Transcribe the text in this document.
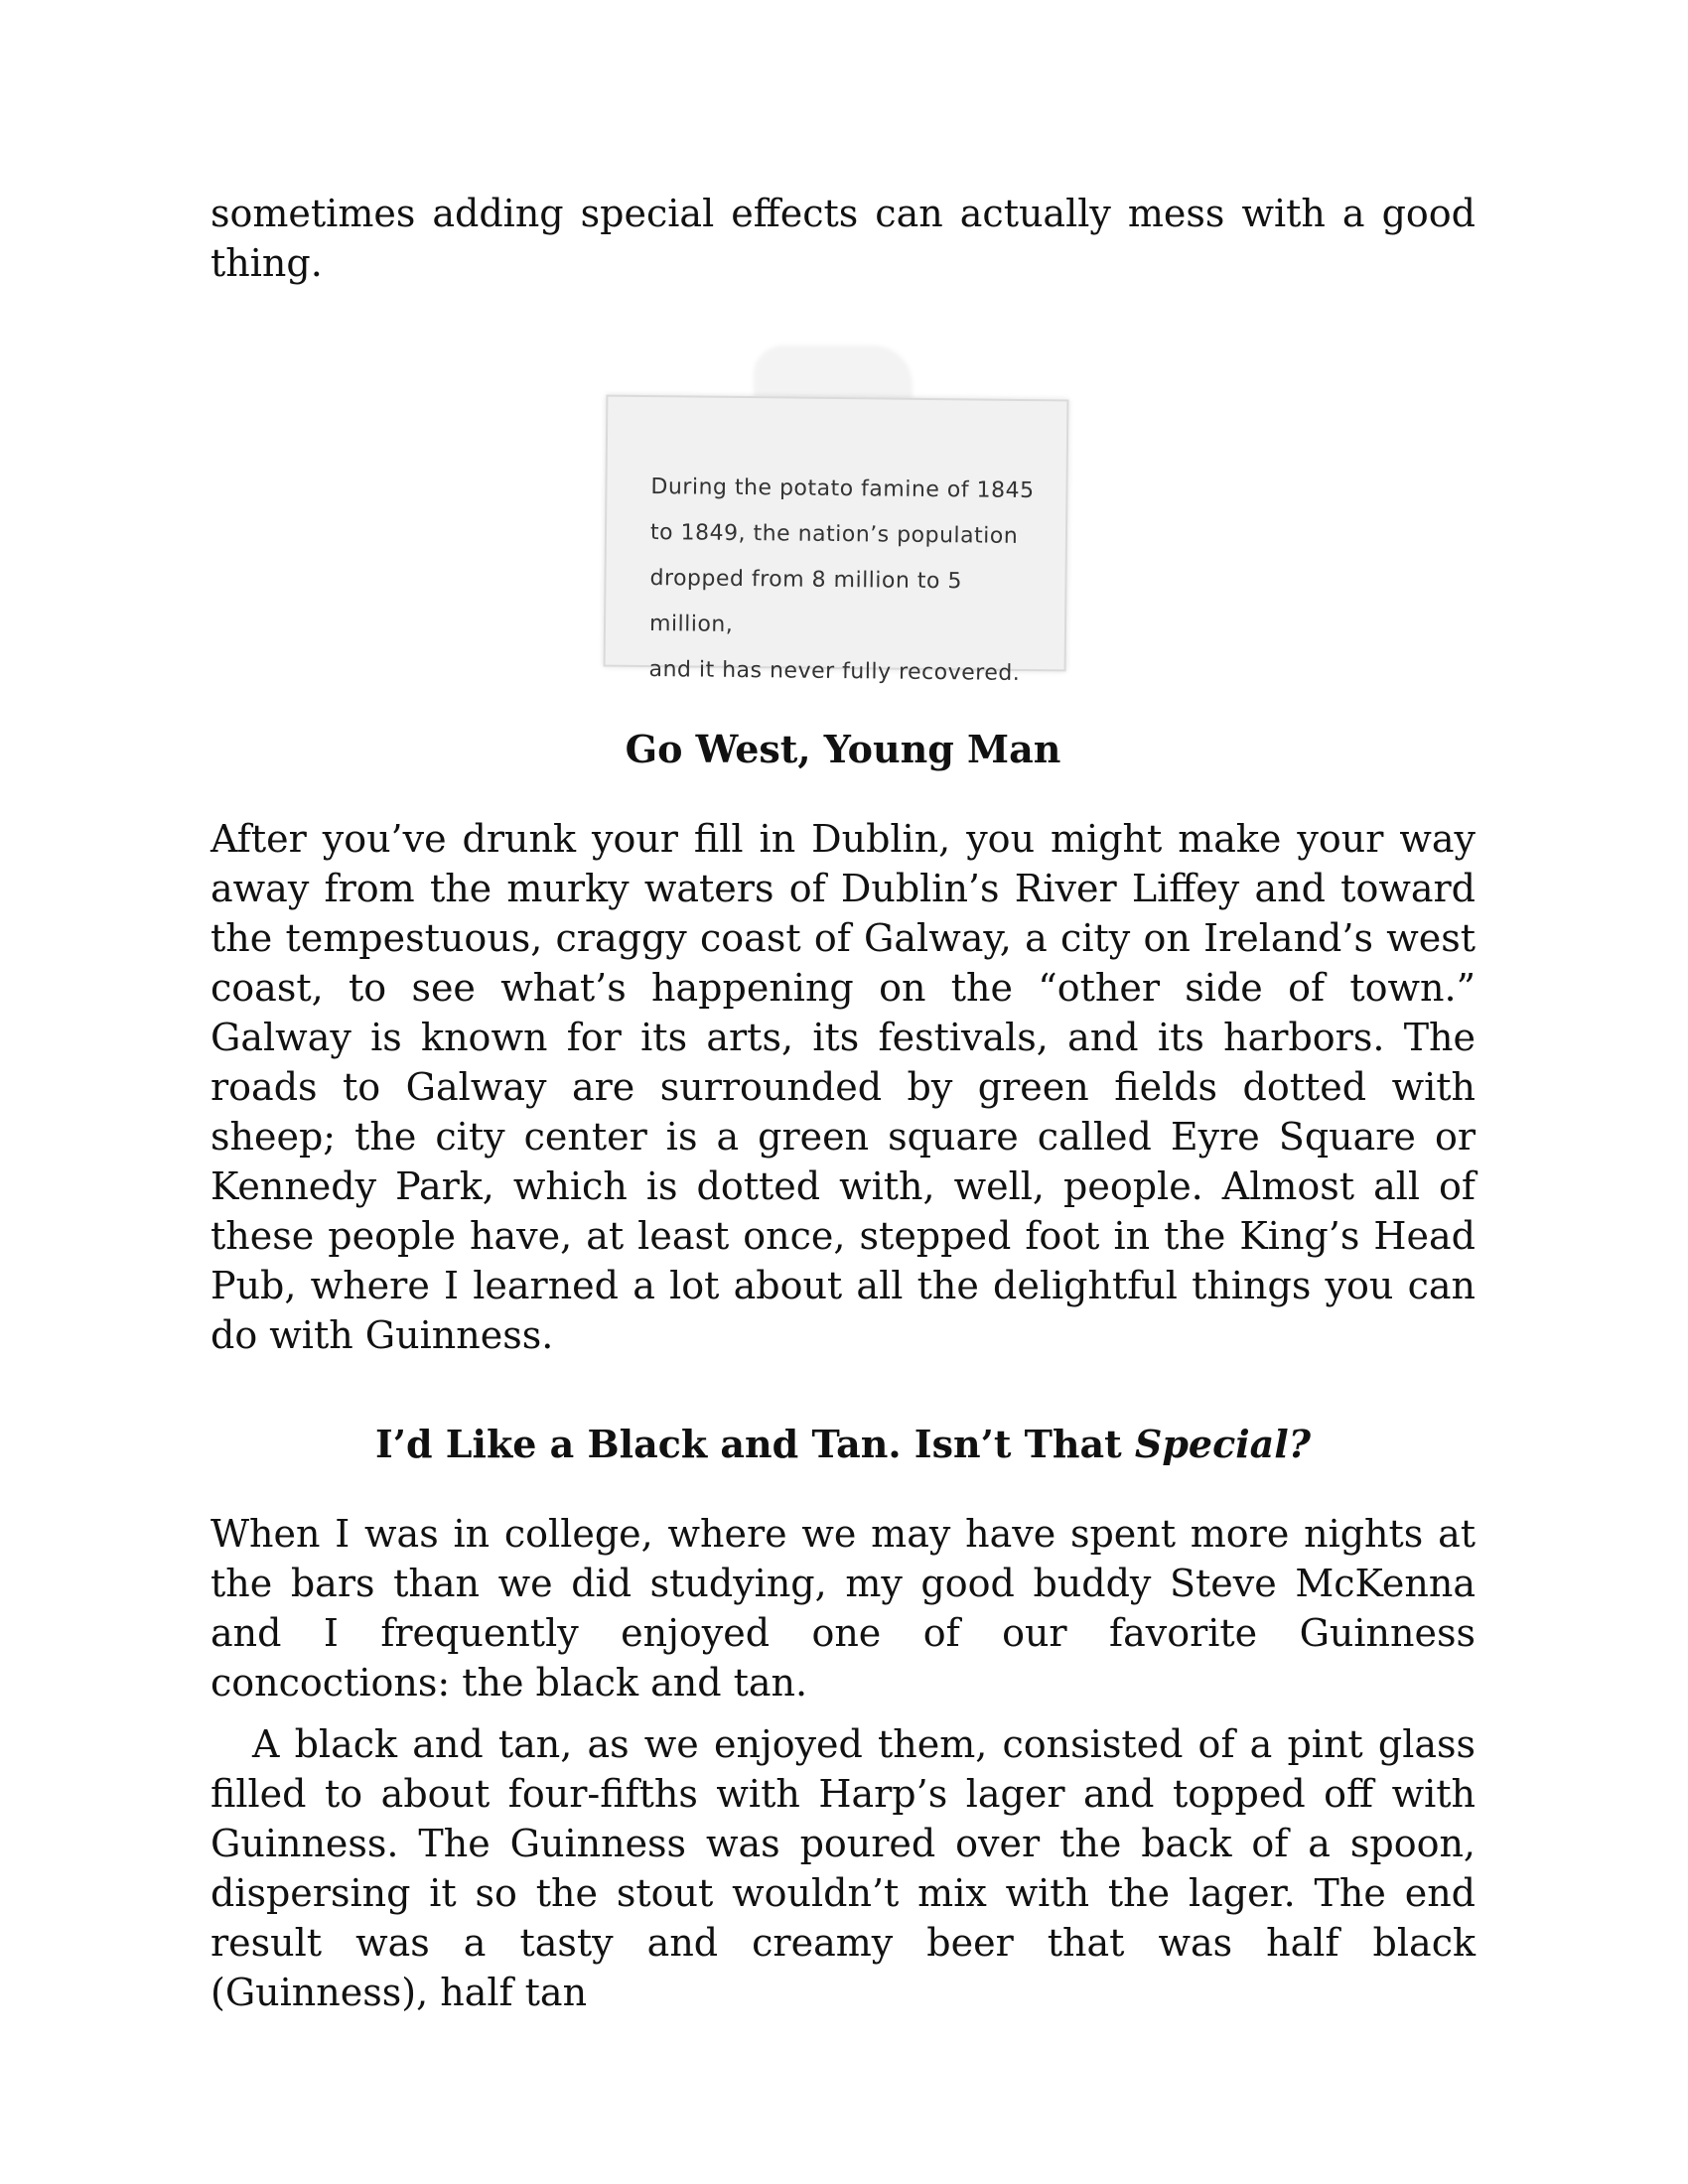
sometimes adding special effects can actually mess with a good thing.

During the potato famine of 1845
to 1849, the nation’s population
dropped from 8 million to 5 million,
and it has never fully recovered.
Go West, Young Man

After you’ve drunk your fill in Dublin, you might make your way away from the murky waters of Dublin’s River Liffey and toward the tempestuous, craggy coast of Galway, a city on Ireland’s west coast, to see what’s happening on the “other side of town.” Galway is known for its arts, its festivals, and its harbors. The roads to Galway are surrounded by green fields dotted with sheep; the city center is a green square called Eyre Square or Kennedy Park, which is dotted with, well, people. Almost all of these people have, at least once, stepped foot in the King’s Head Pub, where I learned a lot about all the delightful things you can do with Guinness.

I’d Like a Black and Tan. Isn’t That Special?

When I was in college, where we may have spent more nights at the bars than we did studying, my good buddy Steve McKenna and I frequently enjoyed one of our favorite Guinness concoctions: the black and tan.

A black and tan, as we enjoyed them, consisted of a pint glass filled to about four-fifths with Harp’s lager and topped off with Guinness. The Guinness was poured over the back of a spoon, dispersing it so the stout wouldn’t mix with the lager. The end result was a tasty and creamy beer that was half black (Guinness), half tan
